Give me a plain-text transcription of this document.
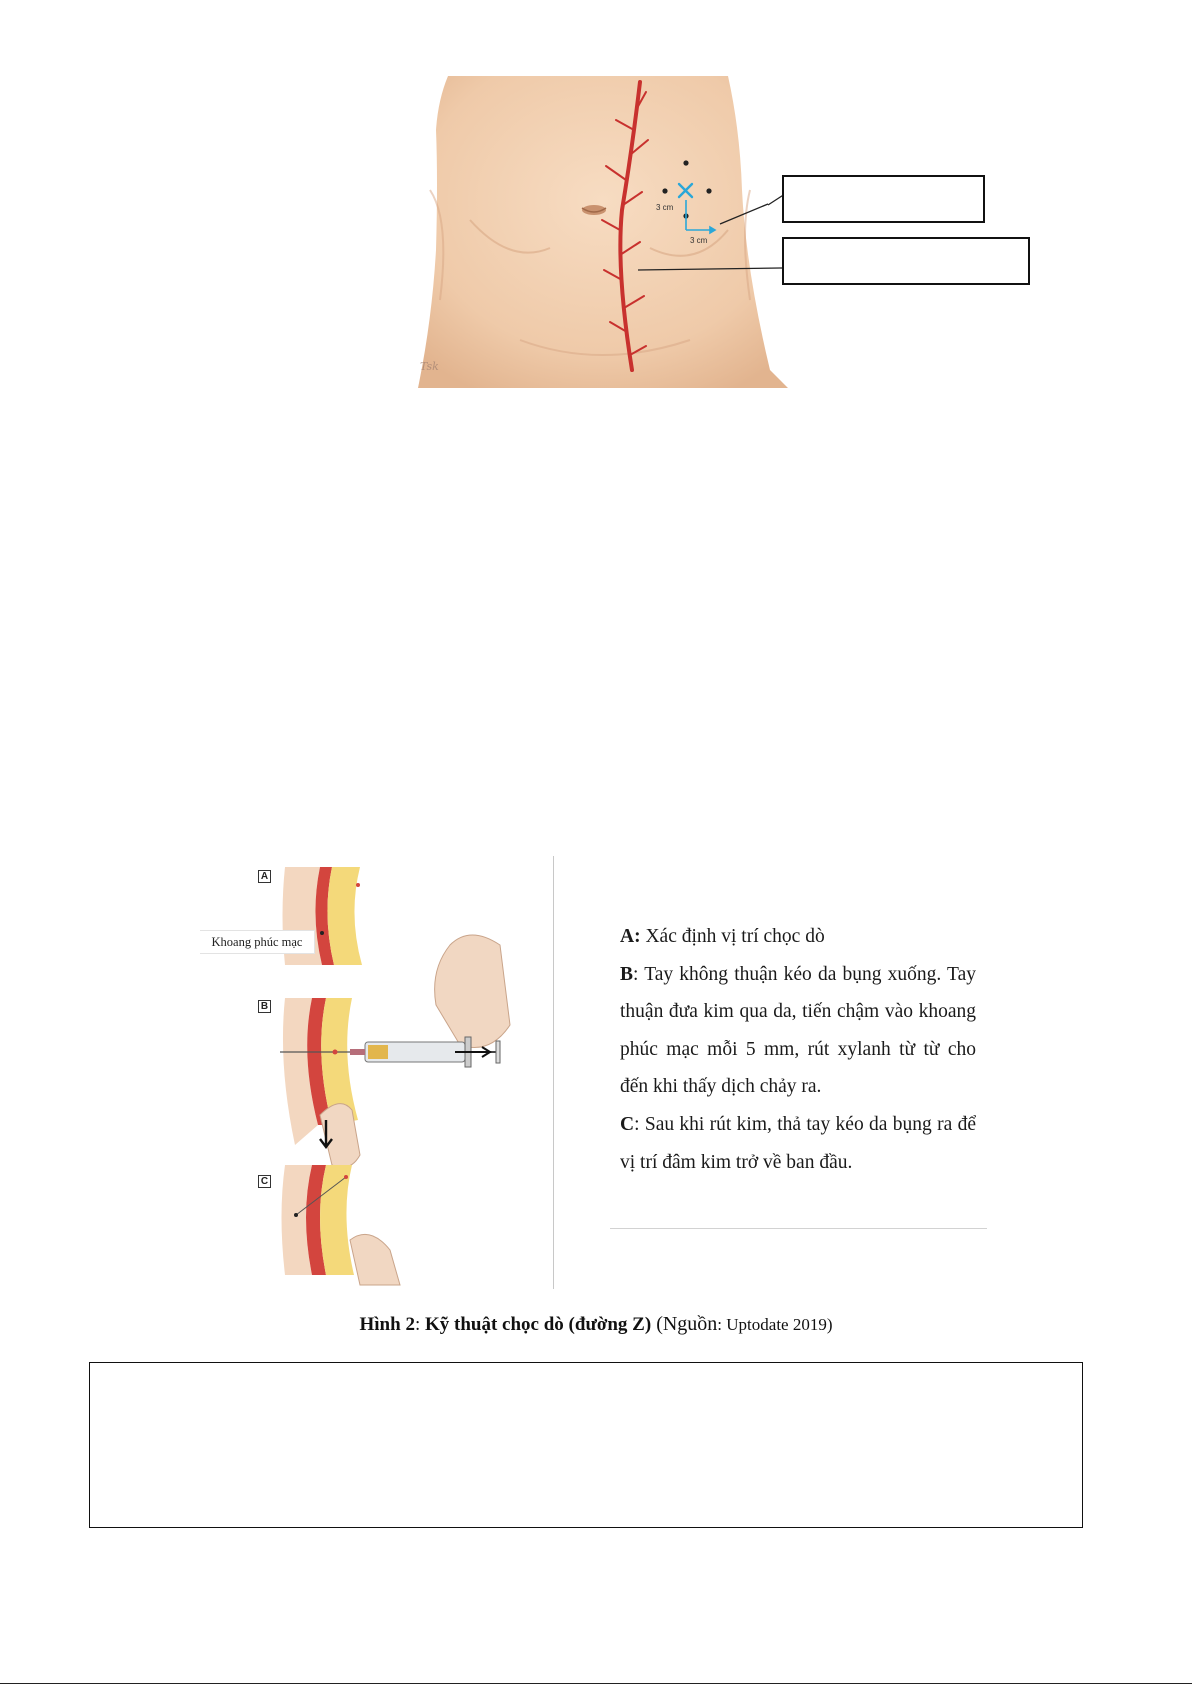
3 cm
3 cm
Tsk
A
B
C
Khoang phúc mạc	A: Xác định vị trí chọc dò

B: Tay không thuận kéo da bụng xuống. Tay thuận đưa kim qua da, tiến chậm vào khoang phúc mạc mỗi 5 mm, rút xylanh từ từ cho đến khi thấy dịch chảy ra.

C: Sau khi rút kim, thả tay kéo da bụng ra để vị trí đâm kim trở về ban đầu.

Hình 2: Kỹ thuật chọc dò (đường Z) (Nguồn: Uptodate 2019)
